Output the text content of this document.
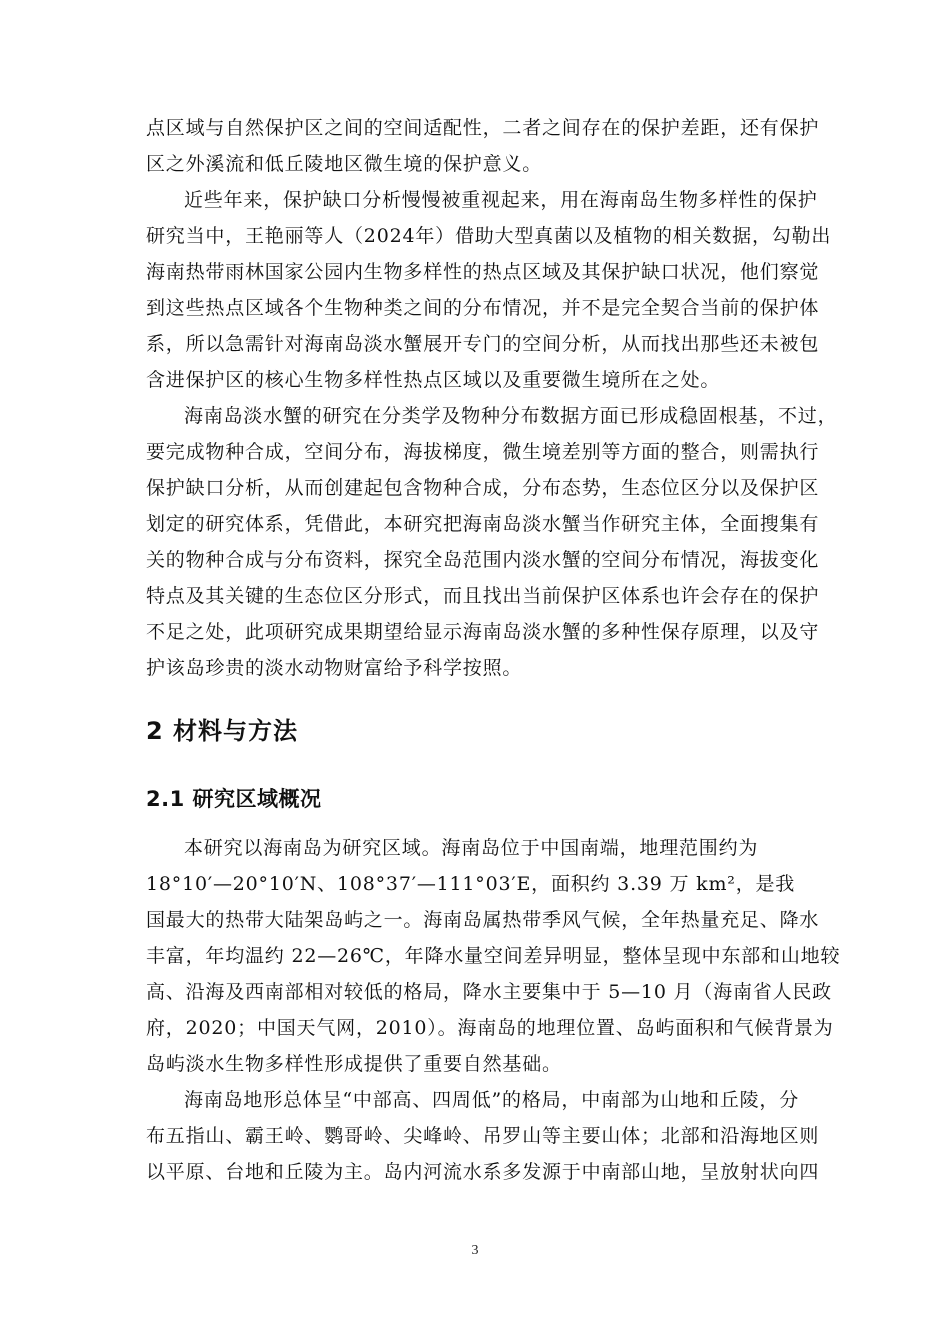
点区域与自然保护区之间的空间适配性，二者之间存在的保护差距，还有保护
区之外溪流和低丘陵地区微生境的保护意义。
近些年来，保护缺口分析慢慢被重视起来，用在海南岛生物多样性的保护
研究当中，王艳丽等人（2024年）借助大型真菌以及植物的相关数据，勾勒出
海南热带雨林国家公园内生物多样性的热点区域及其保护缺口状况，他们察觉
到这些热点区域各个生物种类之间的分布情况，并不是完全契合当前的保护体
系，所以急需针对海南岛淡水蟹展开专门的空间分析，从而找出那些还未被包
含进保护区的核心生物多样性热点区域以及重要微生境所在之处。
海南岛淡水蟹的研究在分类学及物种分布数据方面已形成稳固根基，不过，
要完成物种合成，空间分布，海拔梯度，微生境差别等方面的整合，则需执行
保护缺口分析，从而创建起包含物种合成，分布态势，生态位区分以及保护区
划定的研究体系，凭借此，本研究把海南岛淡水蟹当作研究主体，全面搜集有
关的物种合成与分布资料，探究全岛范围内淡水蟹的空间分布情况，海拔变化
特点及其关键的生态位区分形式，而且找出当前保护区体系也许会存在的保护
不足之处，此项研究成果期望给显示海南岛淡水蟹的多种性保存原理，以及守
护该岛珍贵的淡水动物财富给予科学按照。
2 材料与方法
2.1 研究区域概况
本研究以海南岛为研究区域。海南岛位于中国南端，地理范围约为
18°10′—20°10′N、108°37′—111°03′E，面积约 3.39 万 km²，是我
国最大的热带大陆架岛屿之一。海南岛属热带季风气候，全年热量充足、降水
丰富，年均温约 22—26℃，年降水量空间差异明显，整体呈现中东部和山地较
高、沿海及西南部相对较低的格局，降水主要集中于 5—10 月（海南省人民政
府，2020；中国天气网，2010）。海南岛的地理位置、岛屿面积和气候背景为
岛屿淡水生物多样性形成提供了重要自然基础。
海南岛地形总体呈“中部高、四周低”的格局，中南部为山地和丘陵，分
布五指山、霸王岭、鹦哥岭、尖峰岭、吊罗山等主要山体；北部和沿海地区则
以平原、台地和丘陵为主。岛内河流水系多发源于中南部山地，呈放射状向四
3
